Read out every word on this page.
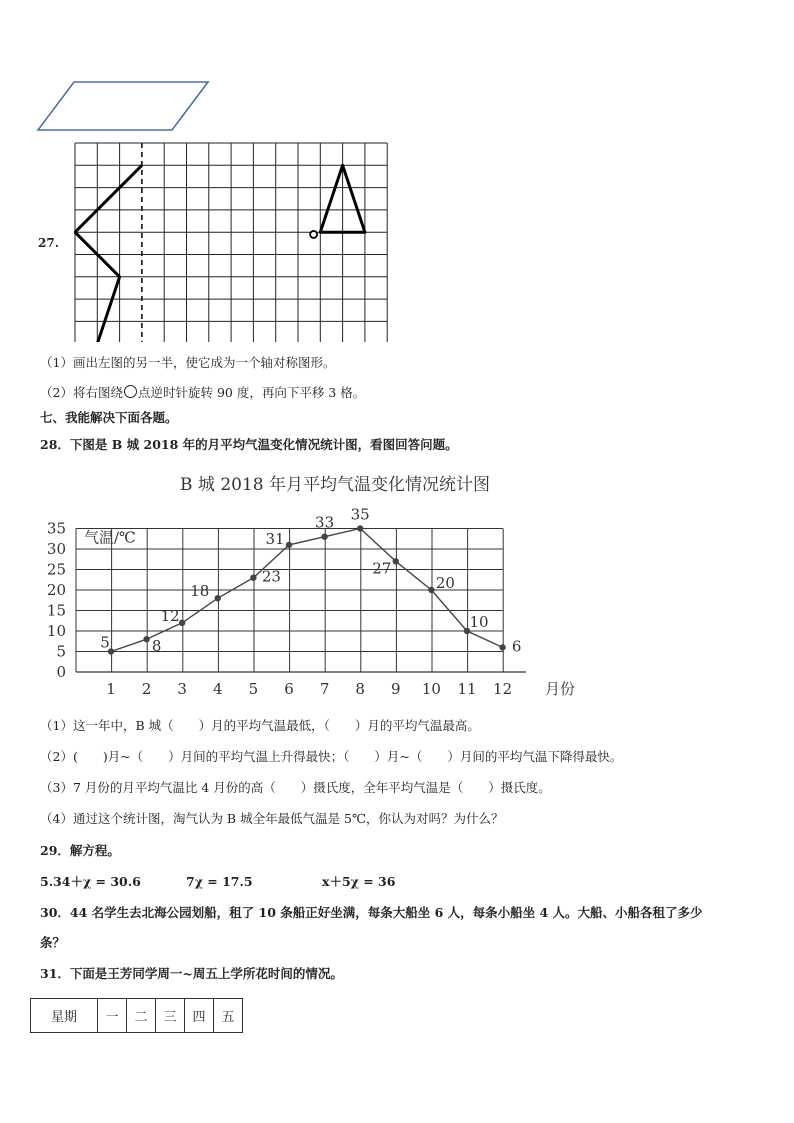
27.
（1）画出左图的另一半，使它成为一个轴对称图形。
（2）将右图绕 点逆时针旋转 90 度，再向下平移 3 格。
七、我能解决下面各题。
28．下图是 B 城 2018 年的月平均气温变化情况统计图，看图回答问题。
B 城 2018 年月平均气温变化情况统计图
气温/℃
0
5
10
15
20
25
30
35
1 2 3 4 5 6 7 8 9 10 11 12 月份
5	8
12
18
23
31
33 35
27
20
10
6
（1）这一年中，B 城（　　）月的平均气温最低，（　　）月的平均气温最高。
（2）(　　)月~（　　）月间的平均气温上升得最快；（　　）月~（　　）月间的平均气温下降得最快。
（3）7 月份的月平均气温比 4 月份的高（　　）摄氏度，全年平均气温是（　　）摄氏度。
（4）通过这个统计图，淘气认为 B 城全年最低气温是 5℃，你认为对吗？为什么？
29．解方程。
5.34＋χ = 30.6	7χ = 17.5	x＋5χ = 36
30．44 名学生去北海公园划船，租了 10 条船正好坐满，每条大船坐 6 人，每条小船坐 4 人。大船、小船各租了多少
条？
31．下面是王芳同学周一~周五上学所花时间的情况。
星期	一	二	三	四	五
